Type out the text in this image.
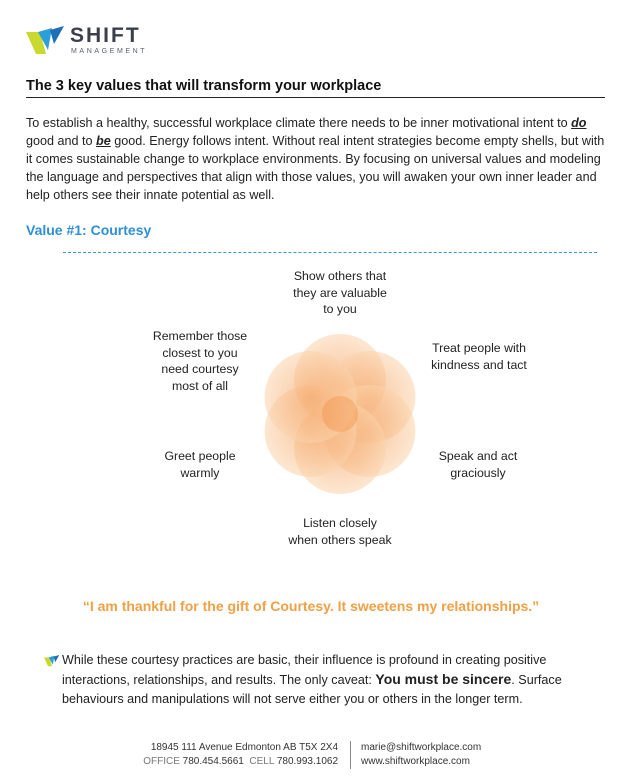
SHIFT
MANAGEMENT
The 3 key values that will transform your workplace

To establish a healthy, successful workplace climate there needs to be inner motivational intent to do good and to be good. Energy follows intent. Without real intent strategies become empty shells, but with it comes sustainable change to workplace environments. By focusing on universal values and modeling the language and perspectives that align with those values, you will awaken your own inner leader and help others see their innate potential as well.

Value #1: Courtesy
Show others that
they are valuable
to you
Treat people with
kindness and tact
Speak and act
graciously
Listen closely
when others speak
Greet people
warmly
Remember those
closest to you
need courtesy
most of all
“I am thankful for the gift of Courtesy. It sweetens my relationships.”
While these courtesy practices are basic, their influence is profound in creating positive interactions, relationships, and results. The only caveat: You must be sincere. Surface behaviours and manipulations will not serve either you or others in the longer term.
18945 111 Avenue Edmonton AB T5X 2X4
OFFICE 780.454.5661 CELL 780.993.1062
marie@shiftworkplace.com
www.shiftworkplace.com
